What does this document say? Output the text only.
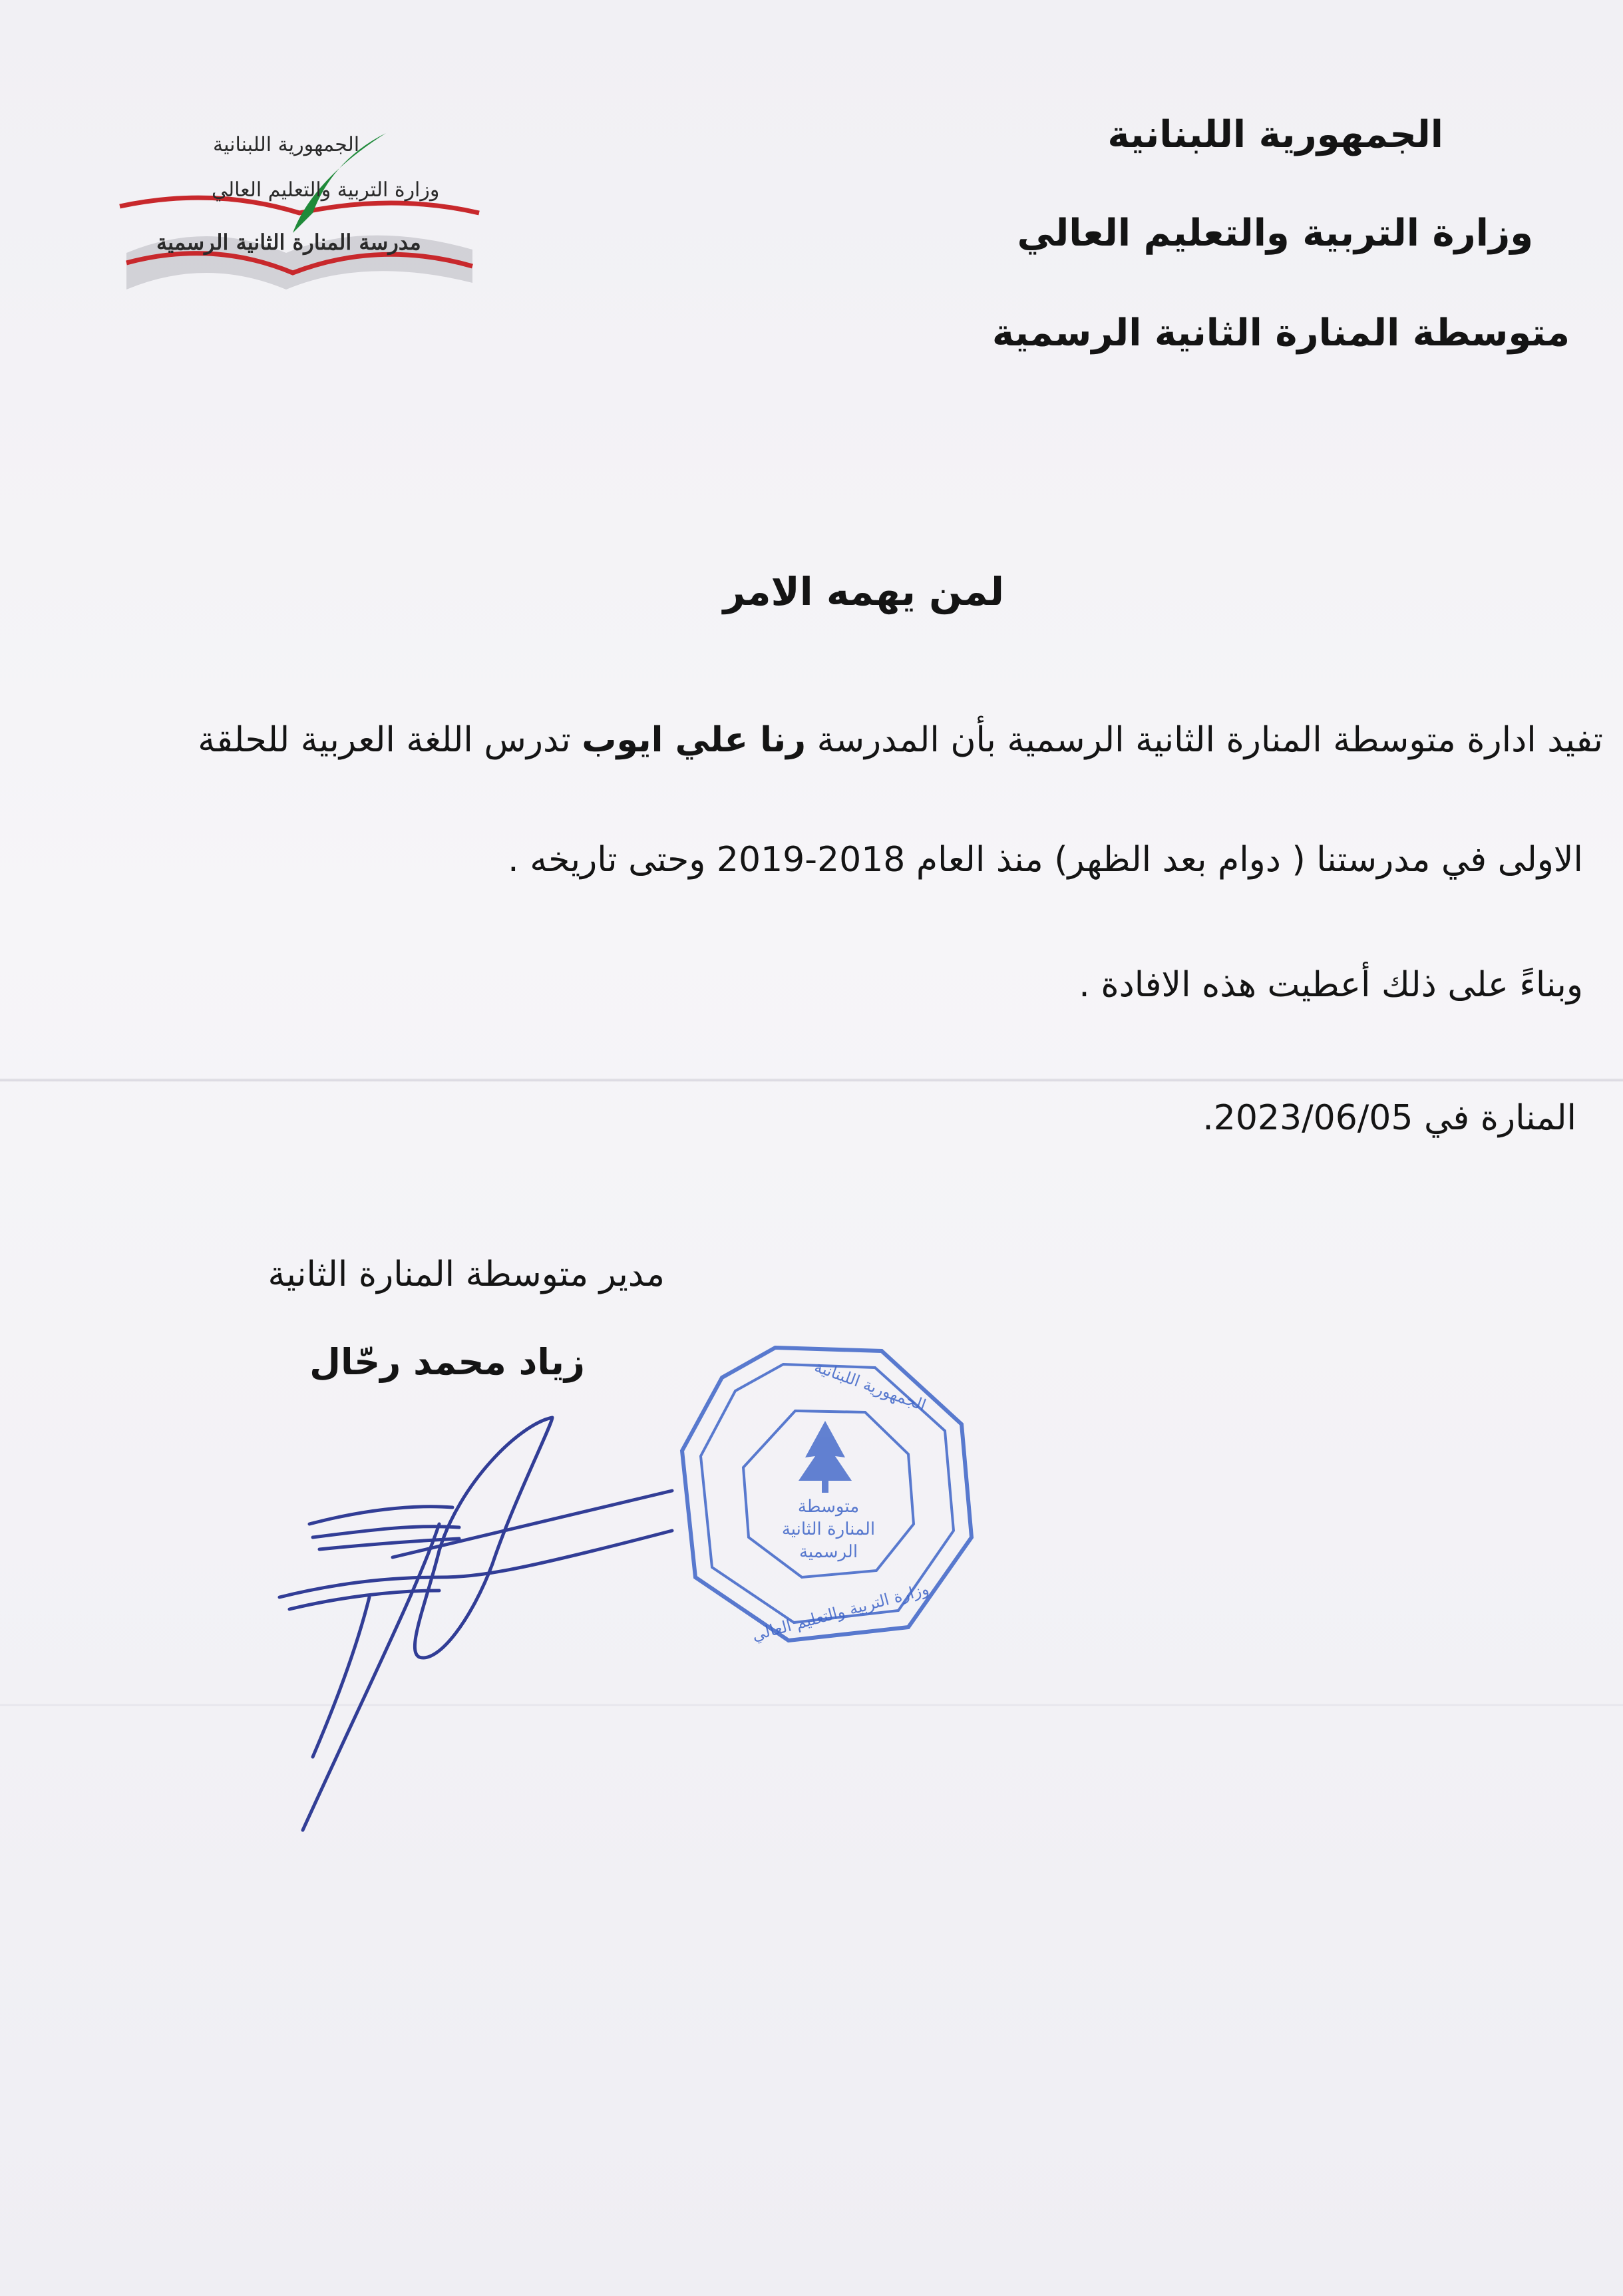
الجمهورية اللبنانية
وزارة التربية والتعليم العالي
مدرسة المنارة الثانية الرسمية
الجمهورية اللبنانية
وزارة التربية والتعليم العالي
متوسطة المنارة الثانية الرسمية
لمن يهمه الامر
تفيد ادارة متوسطة المنارة الثانية الرسمية بأن المدرسة رنا علي ايوب تدرس اللغة العربية للحلقة
الاولى في مدرستنا ( دوام بعد الظهر) منذ العام 2018-2019 وحتى تاريخه .
وبناءً على ذلك أعطيت هذه الافادة .
المنارة في 2023/06/05.
مدير متوسطة المنارة الثانية
زياد محمد رحّال
متوسطة
المنارة الثانية
الرسمية
الجمهورية اللبنانية
وزارة التربية والتعليم العالي
